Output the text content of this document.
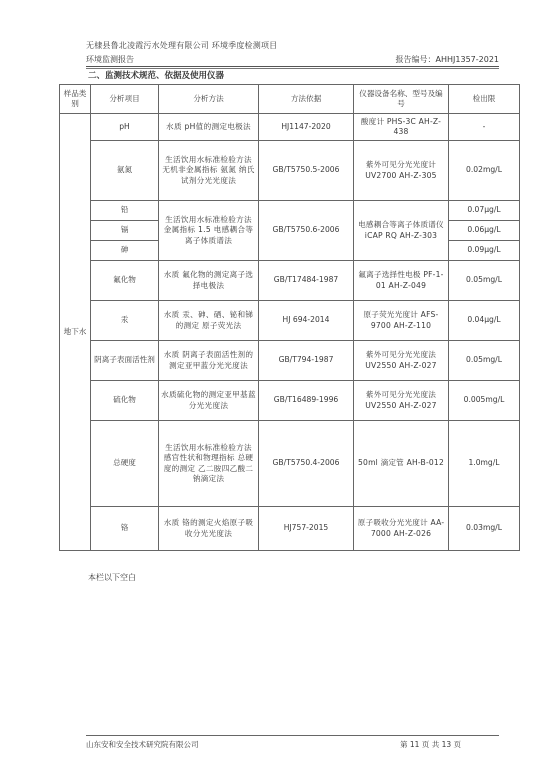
无棣县鲁北凌霞污水处理有限公司 环境季度检测项目
环境监测报告	报告编号：AHHJ1357-2021
二、监测技术规范、依据及使用仪器
样品类别	分析项目	分析方法	方法依据	仪器设备名称、型号及编号	检出限
地下水	pH	水质 pH值的测定电极法	HJ1147-2020	酸度计 PHS-3C AH-Z-438	-
	氨氮	生活饮用水标准检验方法 无机非金属指标 氨氮 纳氏试剂分光光度法	GB/T5750.5-2006	紫外可见分光光度计 UV2700 AH-Z-305	0.02mg/L
	铅	生活饮用水标准检验方法 金属指标 1.5 电感耦合等离子体质谱法	GB/T5750.6-2006	电感耦合等离子体质谱仪 iCAP RQ AH-Z-303	0.07μg/L
	镉				0.06μg/L
	砷				0.09μg/L
	氟化物	水质 氟化物的测定离子选择电极法	GB/T17484-1987	氟离子选择性电极 PF-1-01 AH-Z-049	0.05mg/L
	汞	水质 汞、砷、硒、铋和锑的测定 原子荧光法	HJ 694-2014	原子荧光光度计 AFS-9700 AH-Z-110	0.04μg/L
	阴离子表面活性剂	水质 阴离子表面活性剂的测定亚甲蓝分光光度法	GB/T794-1987	紫外可见分光光度法 UV2550 AH-Z-027	0.05mg/L
	硫化物	水质硫化物的测定亚甲基蓝分光光度法	GB/T16489-1996	紫外可见分光光度法 UV2550 AH-Z-027	0.005mg/L
	总硬度	生活饮用水标准检验方法 感官性状和物理指标 总硬度的测定 乙二胺四乙酸二钠滴定法	GB/T5750.4-2006	50ml 滴定管 AH-B-012	1.0mg/L
	铬	水质 铬的测定火焰原子吸收分光光度法	HJ757-2015	原子吸收分光光度计 AA-7000 AH-Z-026	0.03mg/L
本栏以下空白
山东安和安全技术研究院有限公司	第 11 页 共 13 页
